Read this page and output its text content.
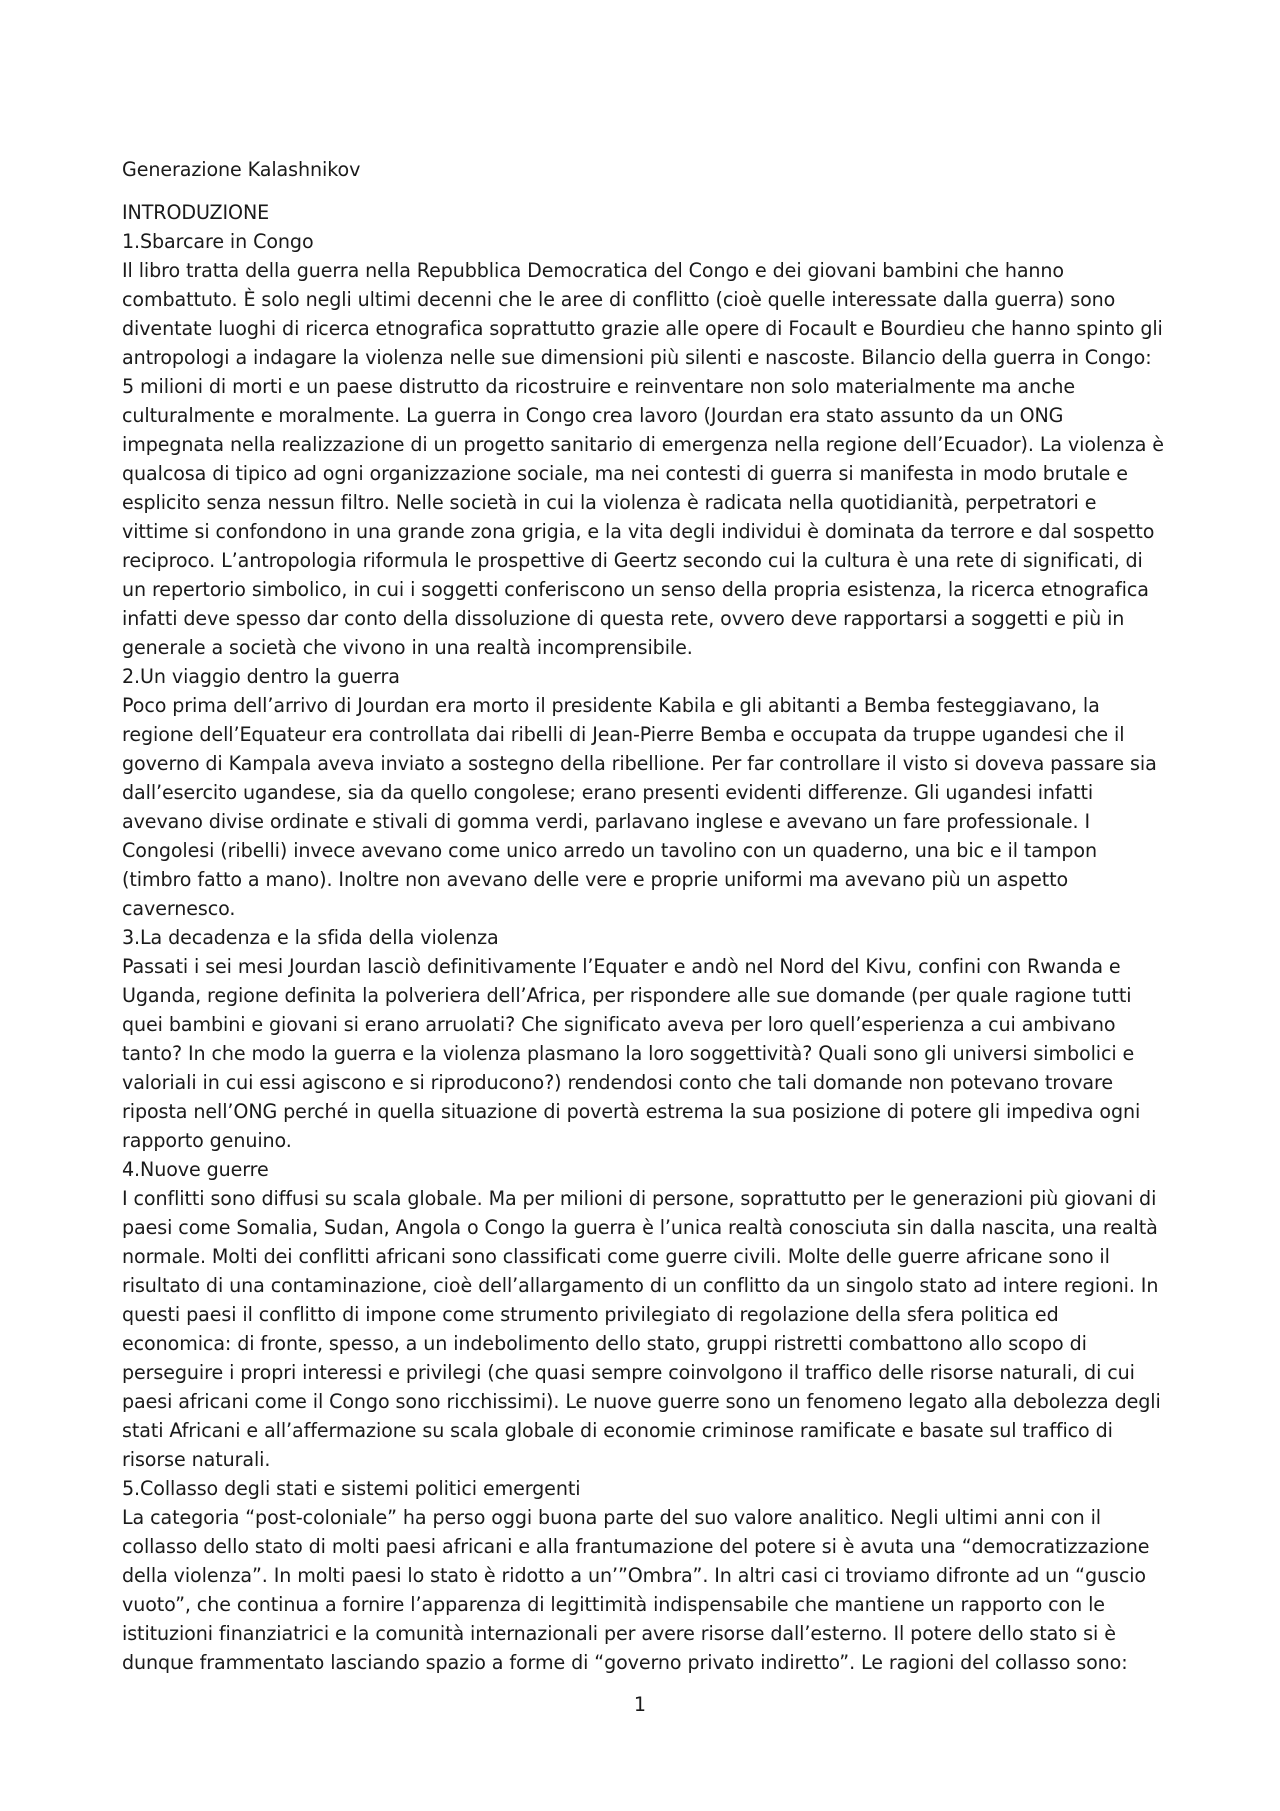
Generazione Kalashnikov

INTRODUZIONE

1.Sbarcare in Congo

Il libro tratta della guerra nella Repubblica Democratica del Congo e dei giovani bambini che hanno combattuto. È solo negli ultimi decenni che le aree di conflitto (cioè quelle interessate dalla guerra) sono diventate luoghi di ricerca etnografica soprattutto grazie alle opere di Focault e Bourdieu che hanno spinto gli antropologi a indagare la violenza nelle sue dimensioni più silenti e nascoste. Bilancio della guerra in Congo: 5 milioni di morti e un paese distrutto da ricostruire e reinventare non solo materialmente ma anche culturalmente e moralmente. La guerra in Congo crea lavoro (Jourdan era stato assunto da un ONG impegnata nella realizzazione di un progetto sanitario di emergenza nella regione dell’Ecuador). La violenza è qualcosa di tipico ad ogni organizzazione sociale, ma nei contesti di guerra si manifesta in modo brutale e esplicito senza nessun filtro. Nelle società in cui la violenza è radicata nella quotidianità, perpetratori e vittime si confondono in una grande zona grigia, e la vita degli individui è dominata da terrore e dal sospetto reciproco. L’antropologia riformula le prospettive di Geertz secondo cui la cultura è una rete di significati, di un repertorio simbolico, in cui i soggetti conferiscono un senso della propria esistenza, la ricerca etnografica infatti deve spesso dar conto della dissoluzione di questa rete, ovvero deve rapportarsi a soggetti e più in generale a società che vivono in una realtà incomprensibile.

2.Un viaggio dentro la guerra

Poco prima dell’arrivo di Jourdan era morto il presidente Kabila e gli abitanti a Bemba festeggiavano, la regione dell’Equateur era controllata dai ribelli di Jean-Pierre Bemba e occupata da truppe ugandesi che il governo di Kampala aveva inviato a sostegno della ribellione. Per far controllare il visto si doveva passare sia dall’esercito ugandese, sia da quello congolese; erano presenti evidenti differenze. Gli ugandesi infatti avevano divise ordinate e stivali di gomma verdi, parlavano inglese e avevano un fare professionale. I Congolesi (ribelli) invece avevano come unico arredo un tavolino con un quaderno, una bic e il tampon (timbro fatto a mano). Inoltre non avevano delle vere e proprie uniformi ma avevano più un aspetto cavernesco.

3.La decadenza e la sfida della violenza

Passati i sei mesi Jourdan lasciò definitivamente l’Equater e andò nel Nord del Kivu, confini con Rwanda e Uganda, regione definita la polveriera dell’Africa, per rispondere alle sue domande (per quale ragione tutti quei bambini e giovani si erano arruolati? Che significato aveva per loro quell’esperienza a cui ambivano tanto? In che modo la guerra e la violenza plasmano la loro soggettività? Quali sono gli universi simbolici e valoriali in cui essi agiscono e si riproducono?) rendendosi conto che tali domande non potevano trovare riposta nell’ONG perché in quella situazione di povertà estrema la sua posizione di potere gli impediva ogni rapporto genuino.

4.Nuove guerre

I conflitti sono diffusi su scala globale. Ma per milioni di persone, soprattutto per le generazioni più giovani di paesi come Somalia, Sudan, Angola o Congo la guerra è l’unica realtà conosciuta sin dalla nascita, una realtà normale. Molti dei conflitti africani sono classificati come guerre civili. Molte delle guerre africane sono il risultato di una contaminazione, cioè dell’allargamento di un conflitto da un singolo stato ad intere regioni. In questi paesi il conflitto di impone come strumento privilegiato di regolazione della sfera politica ed economica: di fronte, spesso, a un indebolimento dello stato, gruppi ristretti combattono allo scopo di perseguire i propri interessi e privilegi (che quasi sempre coinvolgono il traffico delle risorse naturali, di cui paesi africani come il Congo sono ricchissimi). Le nuove guerre sono un fenomeno legato alla debolezza degli stati Africani e all’affermazione su scala globale di economie criminose ramificate e basate sul traffico di risorse naturali.

5.Collasso degli stati e sistemi politici emergenti

La categoria “post-coloniale” ha perso oggi buona parte del suo valore analitico. Negli ultimi anni con il collasso dello stato di molti paesi africani e alla frantumazione del potere si è avuta una “democratizzazione della violenza”. In molti paesi lo stato è ridotto a un’”Ombra”. In altri casi ci troviamo difronte ad un “guscio vuoto”, che continua a fornire l’apparenza di legittimità indispensabile che mantiene un rapporto con le istituzioni finanziatrici e la comunità internazionali per avere risorse dall’esterno. Il potere dello stato si è dunque frammentato lasciando spazio a forme di “governo privato indiretto”. Le ragioni del collasso sono:

1
